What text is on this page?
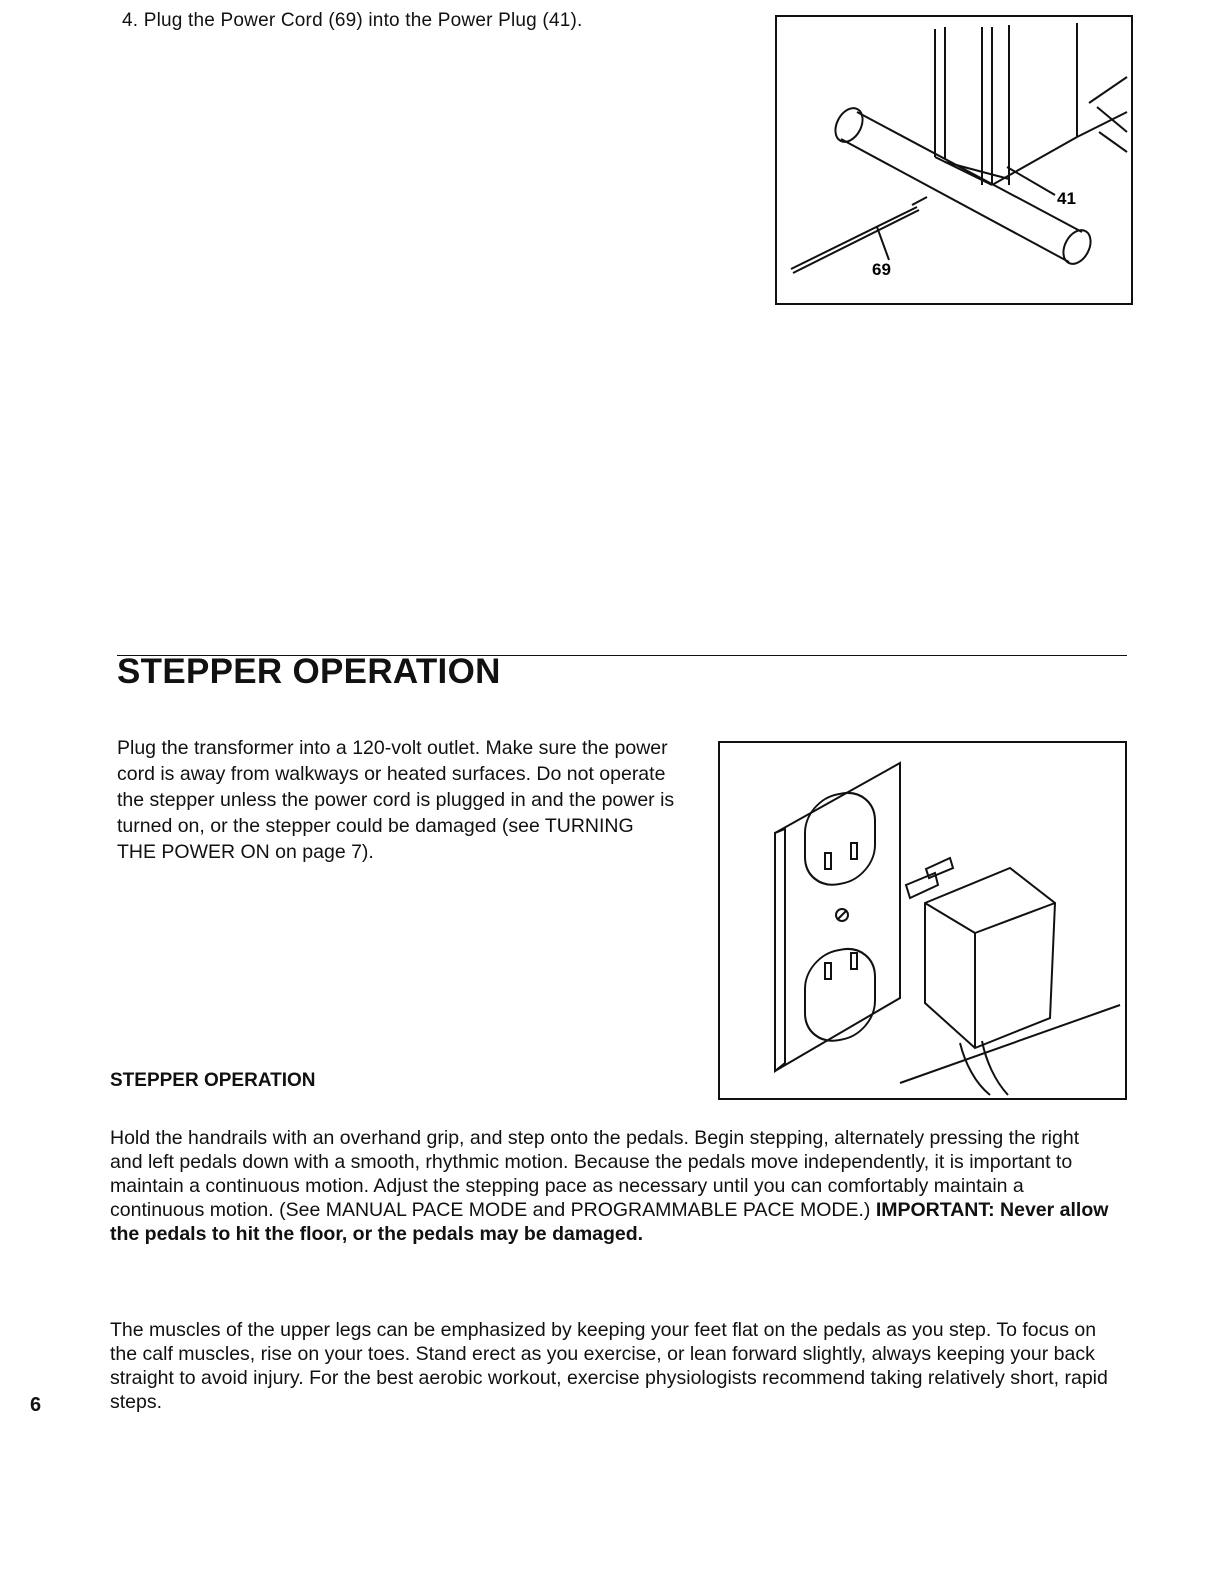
4. Plug the Power Cord (69) into the Power Plug (41).
41
69
STEPPER OPERATION

Plug the transformer into a 120-volt outlet. Make sure the power cord is away from walkways or heated surfaces. Do not operate the stepper unless the power cord is plugged in and the power is turned on, or the stepper could be damaged (see TURNING THE POWER ON on page 7).

STEPPER OPERATION

Hold the handrails with an overhand grip, and step onto the pedals. Begin stepping, alternately pressing the right and left pedals down with a smooth, rhythmic motion. Because the pedals move independently, it is important to maintain a continuous motion. Adjust the stepping pace as necessary until you can comfortably maintain a continuous motion. (See MANUAL PACE MODE and PROGRAMMABLE PACE MODE.) IMPORTANT: Never allow the pedals to hit the floor, or the pedals may be damaged.

The muscles of the upper legs can be emphasized by keeping your feet flat on the pedals as you step. To focus on the calf muscles, rise on your toes. Stand erect as you exercise, or lean forward slightly, always keeping your back straight to avoid injury. For the best aerobic workout, exercise physiologists recommend taking relatively short, rapid steps.

6
